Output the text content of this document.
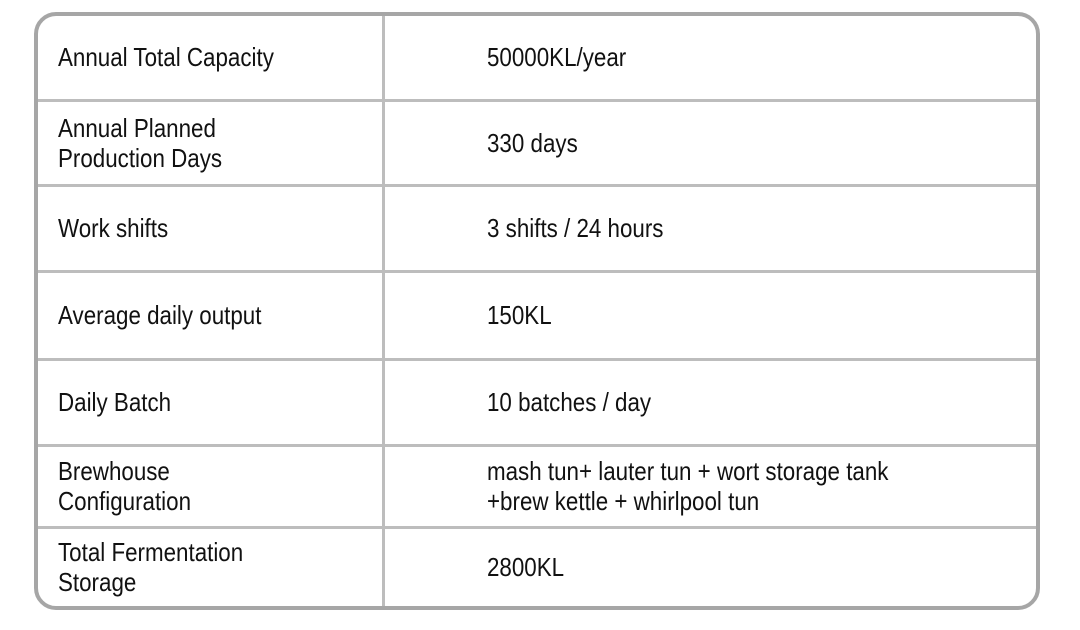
Annual Total Capacity	50000KL/year
Annual Planned
Production Days	330 days
Work shifts	3 shifts / 24 hours
Average daily output	150KL
Daily Batch	10 batches / day
Brewhouse
Configuration	mash tun+ lauter tun + wort storage tank
+brew kettle + whirlpool tun
Total Fermentation
Storage	2800KL
